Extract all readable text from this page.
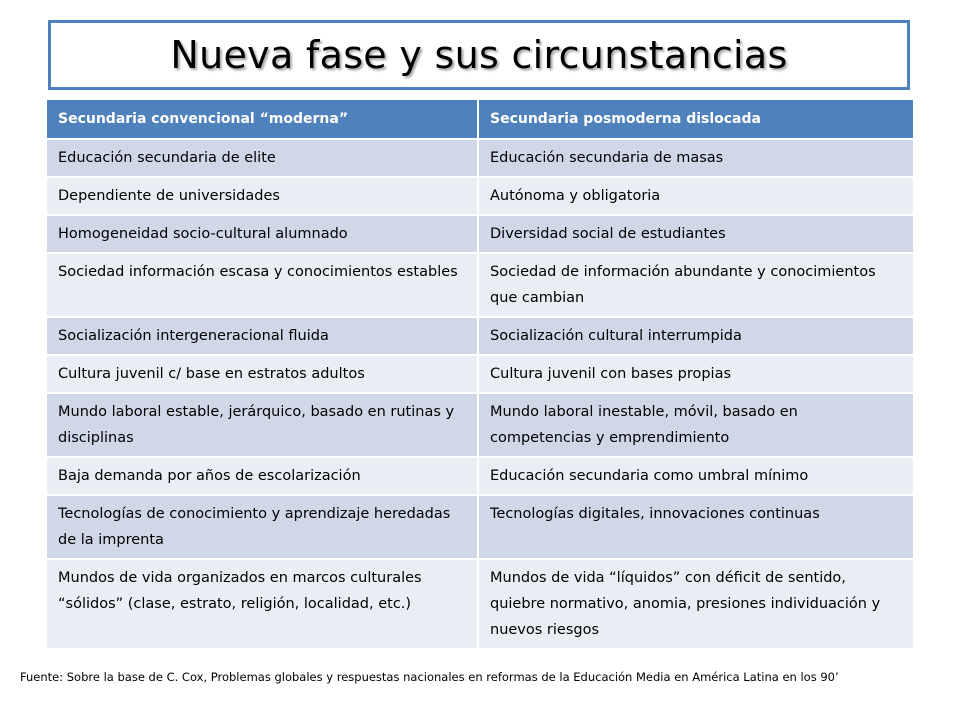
Nueva fase y sus circunstancias
Secundaria convencional “moderna”	Secundaria posmoderna dislocada
Educación secundaria de elite	Educación secundaria de masas
Dependiente de universidades	Autónoma y obligatoria
Homogeneidad socio-cultural alumnado	Diversidad social de estudiantes
Sociedad información escasa y conocimientos estables	Sociedad de información abundante y conocimientos que cambian
Socialización intergeneracional fluida	Socialización cultural interrumpida
Cultura juvenil c/ base en estratos adultos	Cultura juvenil con bases propias
Mundo laboral estable, jerárquico, basado en rutinas y disciplinas	Mundo laboral inestable, móvil, basado en competencias y emprendimiento
Baja demanda por años de escolarización	Educación secundaria como umbral mínimo
Tecnologías de conocimiento y aprendizaje heredadas de la imprenta	Tecnologías digitales, innovaciones continuas
Mundos de vida organizados en marcos culturales “sólidos” (clase, estrato, religión, localidad, etc.)	Mundos de vida “líquidos” con déficit de sentido, quiebre normativo, anomia, presiones individuación y nuevos riesgos
Fuente: Sobre la base de C. Cox, Problemas globales y respuestas nacionales en reformas de la Educación Media en América Latina en los 90’
